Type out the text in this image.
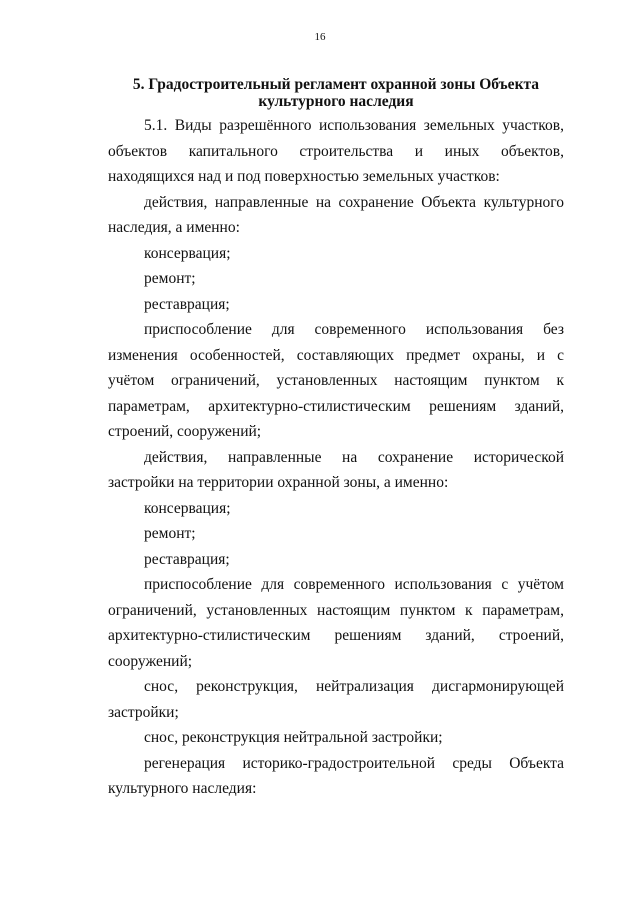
16
5. Градостроительный регламент охранной зоны Объекта
культурного наследия

5.1. Виды разрешённого использования земельных участков, объектов капитального строительства и иных объектов, находящихся над и под поверхностью земельных участков:

действия, направленные на сохранение Объекта культурного наследия, а именно:

консервация;

ремонт;

реставрация;

приспособление для современного использования без изменения особенностей, составляющих предмет охраны, и с учётом ограничений, установленных настоящим пунктом к параметрам, архитектурно-стилистическим решениям зданий, строений, сооружений;

действия, направленные на сохранение исторической застройки на территории охранной зоны, а именно:

консервация;

ремонт;

реставрация;

приспособление для современного использования с учётом ограничений, установленных настоящим пунктом к параметрам, архитектурно-стилистическим решениям зданий, строений, сооружений;

снос, реконструкция, нейтрализация дисгармонирующей застройки;

снос, реконструкция нейтральной застройки;

регенерация историко-градостроительной среды Объекта культурного наследия:
